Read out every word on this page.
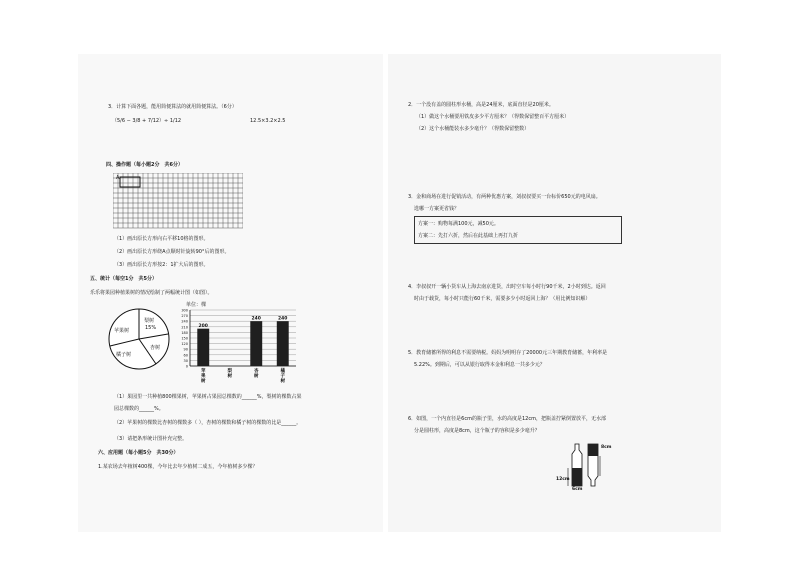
3．计算下面各题，能用简便算法的就用简便算法。（6分）
（5/6 − 3/8 + 7/12）÷ 1/12	12.5×3.2×2.5
四、操作题（每小题2分　共6分）
A
（1）画出原长方形向右平移10格的图形。
（2）画出原长方形绕A点顺时针旋转90°后的图形。
（3）画出原长方形按2：1扩大后的图形。
五、统计（每空1分　共5分）
乐乐将果园种植果树的情况绘制了两幅统计图（如图）。
梨树
15%
苹果树
杏树
橘子树
单位：棵
0
30
60
90
120
150
180
210
240
270
300
200
苹
果
树
梨
树
240
杏
树
240
橘
子
树
（1）果园里一共种植800棵果树，苹果树占果园总棵数的______%，梨树的棵数占果
园总棵数的______%。
（2）苹果树的棵数比杏树的棵数多（ ），杏树的棵数和橘子树的棵数的比是______。
（3）请把条形统计图补充完整。
六、应用题（每小题5分　共30分）
1.某农场去年植树400棵，今年比去年少植树二成五，今年植树多少棵？
2．一个没有盖的圆柱形水桶，高是24厘米，底面直径是20厘米。
（1）做这个水桶要用铁皮多少平方厘米？（得数保留整百平方厘米）
（2）这个水桶能装水多少毫升？（得数保留整数）
3．金和商场在进行促销活动，有两种优惠方案，刘叔叔要买一台标价650元的电风扇。
选哪一方案更省钱？
方案一：购物每满100元，减50元。
方案二：先打六折，然后在此基础上再打九折
4．李叔叔开一辆小货车从上海去南京进货，出时空车每小时行90千米，2小时到达。返回
时由于载货，每小时只能行60千米，需要多少小时返回上海？（用比例知识解）
5．教育储蓄所得的利息不需要纳税。妈妈为明明存了20000元三年期教育储蓄，年利率是
5.22%。到期后，可以从银行取得本金和利息一共多少元？
6．如图，一个内直径是6cm的瓶子里，水的高度是12cm，把瓶盖拧紧倒置放平，无水部
分是圆柱形，高度是8cm，这个瓶子的容积是多少毫升？
12cm
8cm
6cm
